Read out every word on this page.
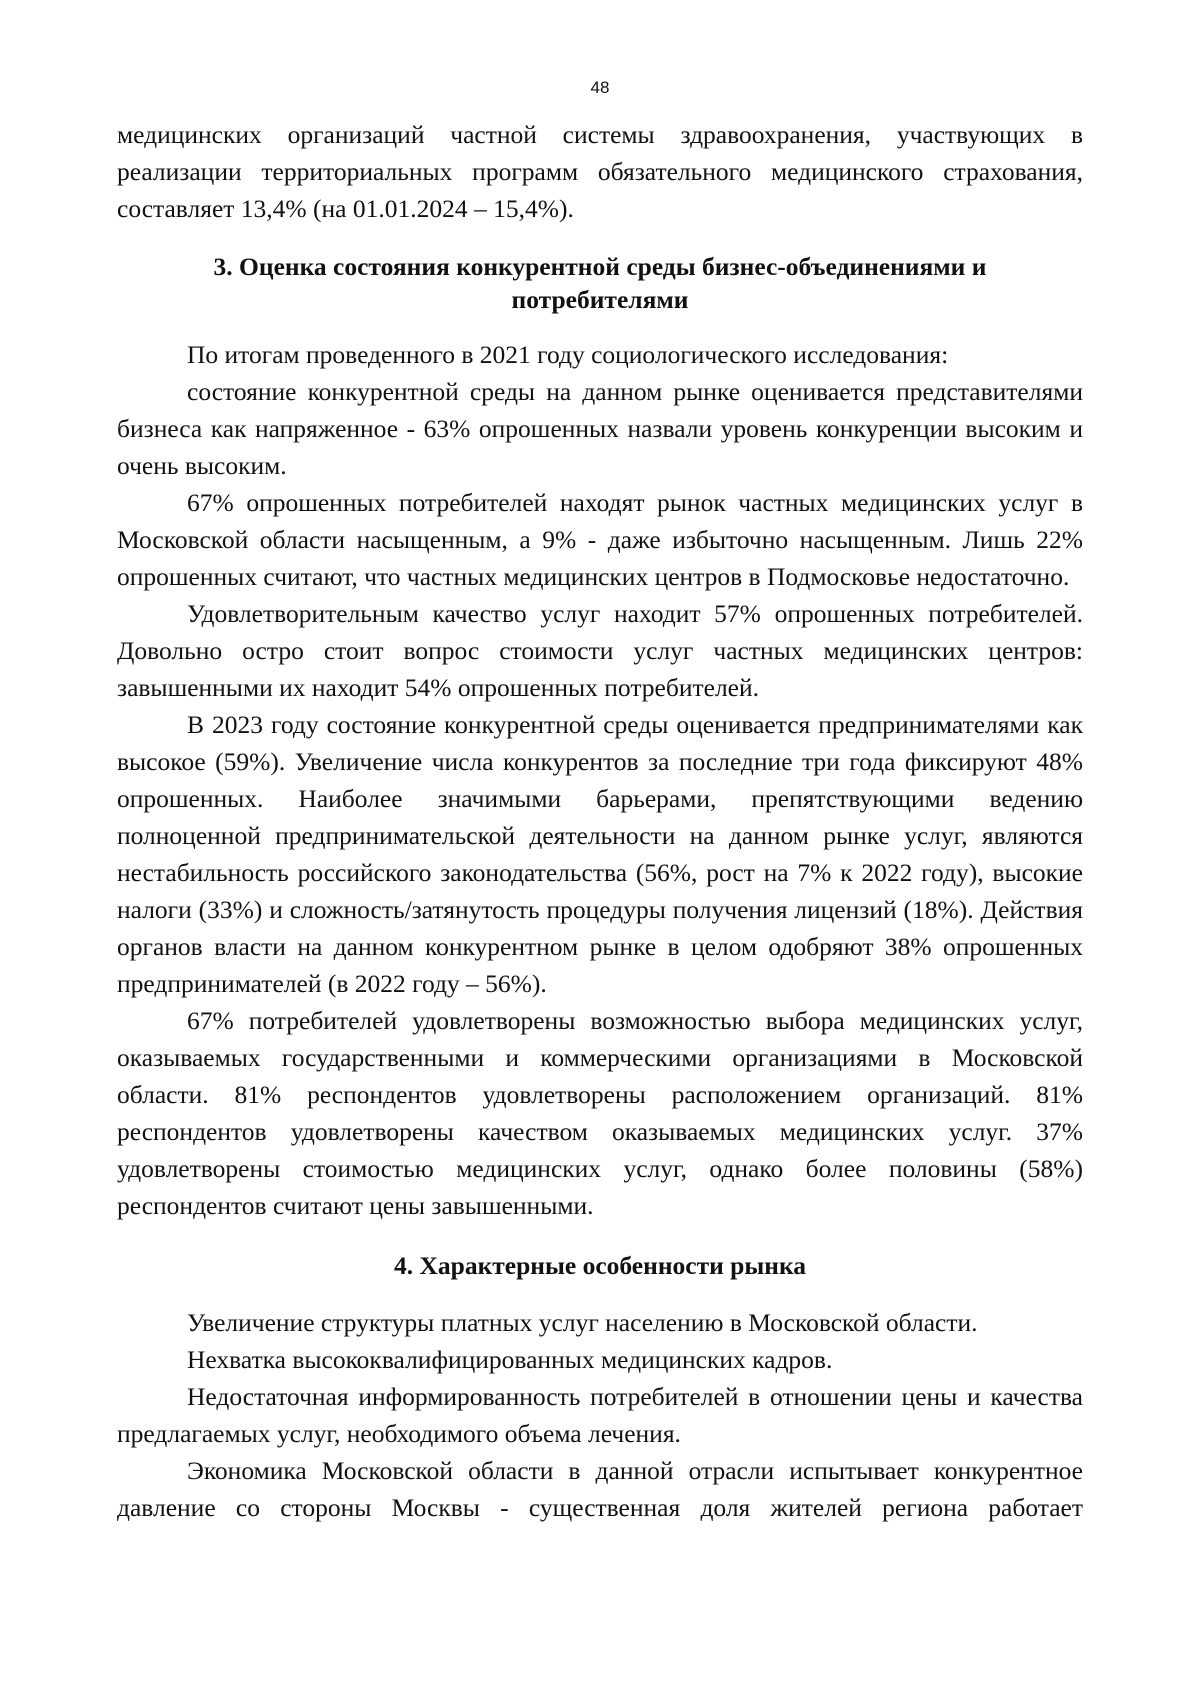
48

медицинских организаций частной системы здравоохранения, участвующих в реализации территориальных программ обязательного медицинского страхования, составляет 13,4% (на 01.01.2024 – 15,4%).

3. Оценка состояния конкурентной среды бизнес-объединениями и потребителями

По итогам проведенного в 2021 году социологического исследования:

состояние конкурентной среды на данном рынке оценивается представителями бизнеса как напряженное - 63% опрошенных назвали уровень конкуренции высоким и очень высоким.

67% опрошенных потребителей находят рынок частных медицинских услуг в Московской области насыщенным, а 9% - даже избыточно насыщенным. Лишь 22% опрошенных считают, что частных медицинских центров в Подмосковье недостаточно.

Удовлетворительным качество услуг находит 57% опрошенных потребителей. Довольно остро стоит вопрос стоимости услуг частных медицинских центров: завышенными их находит 54% опрошенных потребителей.

В 2023 году состояние конкурентной среды оценивается предпринимателями как высокое (59%). Увеличение числа конкурентов за последние три года фиксируют 48% опрошенных. Наиболее значимыми барьерами, препятствующими ведению полноценной предпринимательской деятельности на данном рынке услуг, являются нестабильность российского законодательства (56%, рост на 7% к 2022 году), высокие налоги (33%) и сложность/затянутость процедуры получения лицензий (18%). Действия органов власти на данном конкурентном рынке в целом одобряют 38% опрошенных предпринимателей (в 2022 году – 56%).

67% потребителей удовлетворены возможностью выбора медицинских услуг, оказываемых государственными и коммерческими организациями в Московской области. 81% респондентов удовлетворены расположением организаций. 81% респондентов удовлетворены качеством оказываемых медицинских услуг. 37% удовлетворены стоимостью медицинских услуг, однако более половины (58%) респондентов считают цены завышенными.

4. Характерные особенности рынка

Увеличение структуры платных услуг населению в Московской области.

Нехватка высококвалифицированных медицинских кадров.

Недостаточная информированность потребителей в отношении цены и качества предлагаемых услуг, необходимого объема лечения.

Экономика Московской области в данной отрасли испытывает конкурентное давление со стороны Москвы - существенная доля жителей региона работает
